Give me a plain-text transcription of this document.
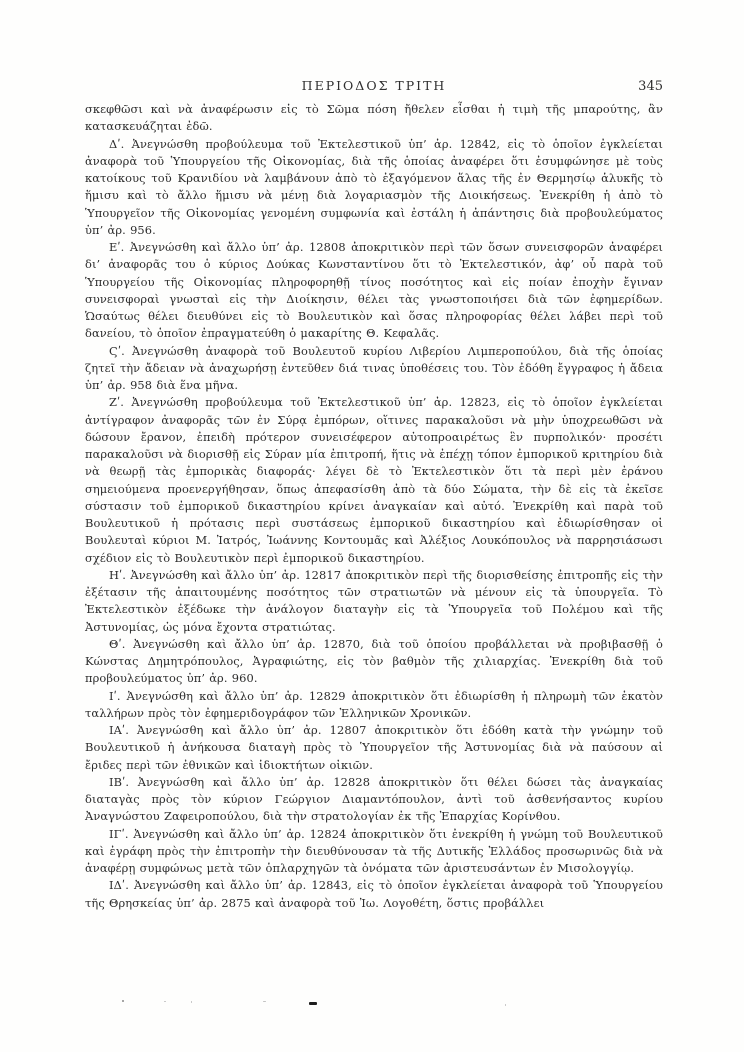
ΠΕΡΙΟΔΟΣ ΤΡΙΤΗ	345

σκεφθῶσι καὶ νὰ ἀναφέρωσιν εἰς τὸ Σῶμα πόση ἤθελεν εἶσθαι ἡ τιμὴ τῆς μπαρούτης, ἂν κατασκευάζηται ἐδῶ.

Δʹ. Ἀνεγνώσθη προβούλευμα τοῦ Ἐκτελεστικοῦ ὑπ’ ἀρ. 12842, εἰς τὸ ὁποῖον ἐγκλείεται ἀναφορὰ τοῦ Ὑπουργείου τῆς Οἰκονομίας, διὰ τῆς ὁποίας ἀναφέρει ὅτι ἐσυμφώνησε μὲ τοὺς κατοίκους τοῦ Κρανιδίου νὰ λαμβάνουν ἀπὸ τὸ ἐξαγόμενον ἅλας τῆς ἐν Θερμησίῳ ἁλυκῆς τὸ ἥμισυ καὶ τὸ ἄλλο ἥμισυ νὰ μένῃ διὰ λογαριασμὸν τῆς Διοικήσεως. Ἐνεκρίθη ἡ ἀπὸ τὸ Ὑπουργεῖον τῆς Οἰκονομίας γενομένη συμφωνία καὶ ἐστάλη ἡ ἀπάντησις διὰ προβουλεύματος ὑπ’ ἀρ. 956.

Εʹ. Ἀνεγνώσθη καὶ ἄλλο ὑπ’ ἀρ. 12808 ἀποκριτικὸν περὶ τῶν ὅσων συνεισφορῶν ἀναφέρει δι’ ἀναφορᾶς του ὁ κύριος Δούκας Κωνσταντίνου ὅτι τὸ Ἐκτελεστικόν, ἀφ’ οὗ παρὰ τοῦ Ὑπουργείου τῆς Οἰκονομίας πληροφορηθῇ τίνος ποσότητος καὶ εἰς ποίαν ἐποχὴν ἔγιναν συνεισφοραὶ γνωσταὶ εἰς τὴν Διοίκησιν, θέλει τὰς γνωστοποιήσει διὰ τῶν ἐφημερίδων. Ὡσαύτως θέλει διευθύνει εἰς τὸ Βουλευτικὸν καὶ ὅσας πληροφορίας θέλει λάβει περὶ τοῦ δανείου, τὸ ὁποῖον ἐπραγματεύθη ὁ μακαρίτης Θ. Κεφαλᾶς.

Ϛʹ. Ἀνεγνώσθη ἀναφορὰ τοῦ Βουλευτοῦ κυρίου Λιβερίου Λιμπεροπούλου, διὰ τῆς ὁποίας ζητεῖ τὴν ἄδειαν νὰ ἀναχωρήσῃ ἐντεῦθεν διά τινας ὑποθέσεις του. Τὸν ἐδόθη ἔγγραφος ἡ ἄδεια ὑπ’ ἀρ. 958 διὰ ἕνα μῆνα.

Ζʹ. Ἀνεγνώσθη προβούλευμα τοῦ Ἐκτελεστικοῦ ὑπ’ ἀρ. 12823, εἰς τὸ ὁποῖον ἐγκλείεται ἀντίγραφον ἀναφορᾶς τῶν ἐν Σύρᾳ ἐμπόρων, οἵτινες παρακαλοῦσι νὰ μὴν ὑποχρεωθῶσι νὰ δώσουν ἔρανον, ἐπειδὴ πρότερον συνεισέφερον αὐτοπροαιρέτως ἓν πυρπολικόν· προσέτι παρακαλοῦσι νὰ διορισθῇ εἰς Σύραν μία ἐπιτροπή, ἥτις νὰ ἐπέχῃ τόπον ἐμπορικοῦ κριτηρίου διὰ νὰ θεωρῇ τὰς ἐμπορικὰς διαφοράς· λέγει δὲ τὸ Ἐκτελεστικὸν ὅτι τὰ περὶ μὲν ἐράνου σημειούμενα προενεργήθησαν, ὅπως ἀπεφασίσθη ἀπὸ τὰ δύο Σώματα, τὴν δὲ εἰς τὰ ἐκεῖσε σύστασιν τοῦ ἐμπορικοῦ δικαστηρίου κρίνει ἀναγκαίαν καὶ αὐτό. Ἐνεκρίθη καὶ παρὰ τοῦ Βουλευτικοῦ ἡ πρότασις περὶ συστάσεως ἐμπορικοῦ δικαστηρίου καὶ ἐδιωρίσθησαν οἱ Βουλευταὶ κύριοι Μ. Ἰατρός, Ἰωάννης Κοντουμᾶς καὶ Ἀλέξιος Λουκόπουλος νὰ παρρησιάσωσι σχέδιον εἰς τὸ Βουλευτικὸν περὶ ἐμπορικοῦ δικαστηρίου.

Ηʹ. Ἀνεγνώσθη καὶ ἄλλο ὑπ’ ἀρ. 12817 ἀποκριτικὸν περὶ τῆς διορισθείσης ἐπιτροπῆς εἰς τὴν ἐξέτασιν τῆς ἀπαιτουμένης ποσότητος τῶν στρατιωτῶν νὰ μένουν εἰς τὰ ὑπουργεῖα. Τὸ Ἐκτελεστικὸν ἐξέδωκε τὴν ἀνάλογον διαταγὴν εἰς τὰ Ὑπουργεῖα τοῦ Πολέμου καὶ τῆς Ἀστυνομίας, ὡς μόνα ἔχοντα στρατιώτας.

Θʹ. Ἀνεγνώσθη καὶ ἄλλο ὑπ’ ἀρ. 12870, διὰ τοῦ ὁποίου προβάλλεται νὰ προβιβασθῇ ὁ Κώνστας Δημητρόπουλος, Ἀγραφιώτης, εἰς τὸν βαθμὸν τῆς χιλιαρχίας. Ἐνεκρίθη διὰ τοῦ προβουλεύματος ὑπ’ ἀρ. 960.

Ιʹ. Ἀνεγνώσθη καὶ ἄλλο ὑπ’ ἀρ. 12829 ἀποκριτικὸν ὅτι ἐδιωρίσθη ἡ πληρωμὴ τῶν ἑκατὸν ταλλήρων πρὸς τὸν ἐφημεριδογράφον τῶν Ἑλληνικῶν Χρονικῶν.

ΙΑʹ. Ἀνεγνώσθη καὶ ἄλλο ὑπ’ ἀρ. 12807 ἀποκριτικὸν ὅτι ἐδόθη κατὰ τὴν γνώμην τοῦ Βουλευτικοῦ ἡ ἀνήκουσα διαταγὴ πρὸς τὸ Ὑπουργεῖον τῆς Ἀστυνομίας διὰ νὰ παύσουν αἱ ἔριδες περὶ τῶν ἐθνικῶν καὶ ἰδιοκτήτων οἰκιῶν.

ΙΒʹ. Ἀνεγνώσθη καὶ ἄλλο ὑπ’ ἀρ. 12828 ἀποκριτικὸν ὅτι θέλει δώσει τὰς ἀναγκαίας διαταγὰς πρὸς τὸν κύριον Γεώργιον Διαμαντόπουλον, ἀντὶ τοῦ ἀσθενήσαντος κυρίου Ἀναγνώστου Ζαφειροπούλου, διὰ τὴν στρατολογίαν ἐκ τῆς Ἐπαρχίας Κορίνθου.

ΙΓʹ. Ἀνεγνώσθη καὶ ἄλλο ὑπ’ ἀρ. 12824 ἀποκριτικὸν ὅτι ἐνεκρίθη ἡ γνώμη τοῦ Βουλευτικοῦ καὶ ἐγράφη πρὸς τὴν ἐπιτροπὴν τὴν διευθύνουσαν τὰ τῆς Δυτικῆς Ἑλλάδος προσωρινῶς διὰ νὰ ἀναφέρῃ συμφώνως μετὰ τῶν ὁπλαρχηγῶν τὰ ὀνόματα τῶν ἀριστευσάντων ἐν Μισολογγίῳ.

ΙΔʹ. Ἀνεγνώσθη καὶ ἄλλο ὑπ’ ἀρ. 12843, εἰς τὸ ὁποῖον ἐγκλείεται ἀναφορὰ τοῦ Ὑπουργείου τῆς Θρησκείας ὑπ’ ἀρ. 2875 καὶ ἀναφορὰ τοῦ Ἰω. Λογοθέτη, ὅστις προβάλλει
